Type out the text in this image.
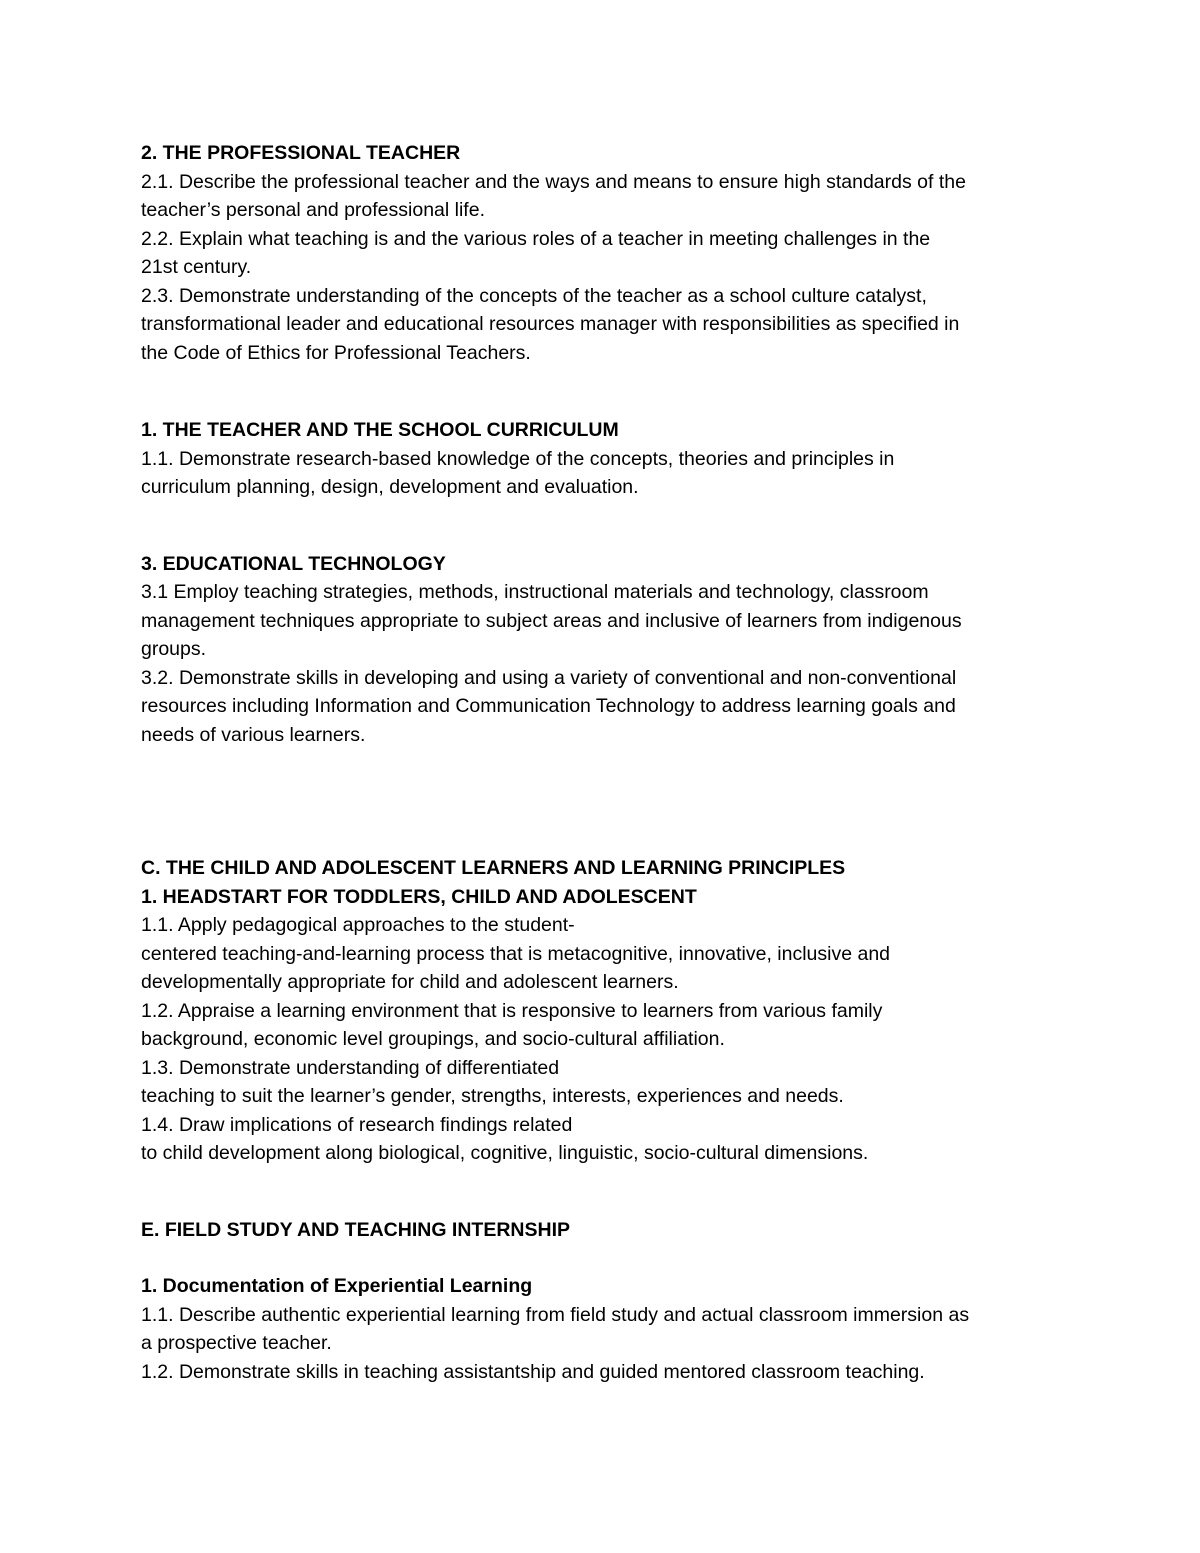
2. THE PROFESSIONAL TEACHER

2.1. Describe the professional teacher and the ways and means to ensure high standards of the
teacher’s personal and professional life.

2.2. Explain what teaching is and the various roles of a teacher in meeting challenges in the
21st century.

2.3. Demonstrate understanding of the concepts of the teacher as a school culture catalyst,
transformational leader and educational resources manager with responsibilities as specified in
the Code of Ethics for Professional Teachers.

1. THE TEACHER AND THE SCHOOL CURRICULUM

1.1. Demonstrate research-based knowledge of the concepts, theories and principles in
curriculum planning, design, development and evaluation.

3. EDUCATIONAL TECHNOLOGY

3.1 Employ teaching strategies, methods, instructional materials and technology, classroom
management techniques appropriate to subject areas and inclusive of learners from indigenous
groups.

3.2. Demonstrate skills in developing and using a variety of conventional and non-conventional
resources including Information and Communication Technology to address learning goals and
needs of various learners.

C. THE CHILD AND ADOLESCENT LEARNERS AND LEARNING PRINCIPLES

1. HEADSTART FOR TODDLERS, CHILD AND ADOLESCENT

1.1. Apply pedagogical approaches to the student-
centered teaching-and-learning process that is metacognitive, innovative, inclusive and
developmentally appropriate for child and adolescent learners.

1.2. Appraise a learning environment that is responsive to learners from various family
background, economic level groupings, and socio-cultural affiliation.

1.3. Demonstrate understanding of differentiated
teaching to suit the learner’s gender, strengths, interests, experiences and needs.

1.4. Draw implications of research findings related
to child development along biological, cognitive, linguistic, socio-cultural dimensions.

E. FIELD STUDY AND TEACHING INTERNSHIP

1. Documentation of Experiential Learning

1.1. Describe authentic experiential learning from field study and actual classroom immersion as
a prospective teacher.

1.2. Demonstrate skills in teaching assistantship and guided mentored classroom teaching.
